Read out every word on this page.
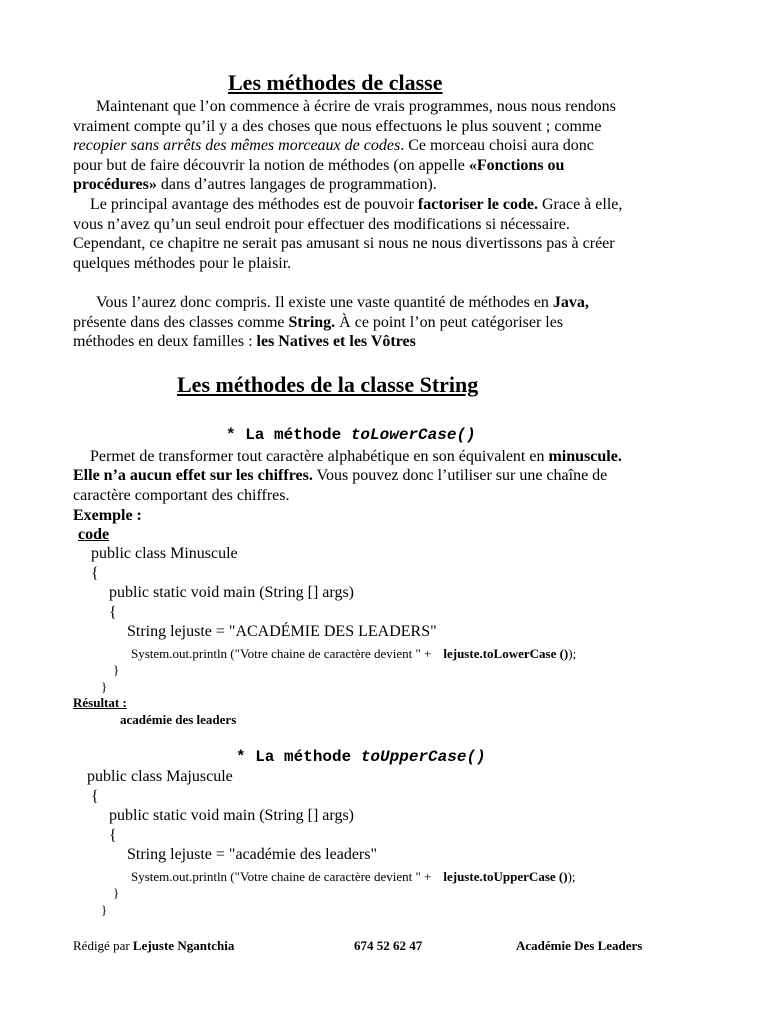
Les méthodes de classe
Maintenant que l’on commence à écrire de vrais programmes, nous nous rendons
vraiment compte qu’il y a des choses que nous effectuons le plus souvent ; comme
recopier sans arrêts des mêmes morceaux de codes. Ce morceau choisi aura donc
pour but de faire découvrir la notion de méthodes (on appelle «Fonctions ou
procédures» dans d’autres langages de programmation).
Le principal avantage des méthodes est de pouvoir factoriser le code. Grace à elle,
vous n’avez qu’un seul endroit pour effectuer des modifications si nécessaire.
Cependant, ce chapitre ne serait pas amusant si nous ne nous divertissons pas à créer
quelques méthodes pour le plaisir.
Vous l’aurez donc compris. Il existe une vaste quantité de méthodes en Java,
présente dans des classes comme String. À ce point l’on peut catégoriser les
méthodes en deux familles : les Natives et les Vôtres
Les méthodes de la classe String
* La méthode toLowerCase()
Permet de transformer tout caractère alphabétique en son équivalent en minuscule.
Elle n’a aucun effet sur les chiffres. Vous pouvez donc l’utiliser sur une chaîne de
caractère comportant des chiffres.
Exemple :
code
public class Minuscule
{
public static void main (String [] args)
{
String lejuste = "ACADÉMIE DES LEADERS"
System.out.println ("Votre chaine de caractère devient " + lejuste.toLowerCase ());
}
}
Résultat :
académie des leaders
* La méthode toUpperCase()
public class Majuscule
{
public static void main (String [] args)
{
String lejuste = "académie des leaders"
System.out.println ("Votre chaine de caractère devient " + lejuste.toUpperCase ());
}
}
Rédigé par Lejuste Ngantchia	674 52 62 47	Académie Des Leaders
